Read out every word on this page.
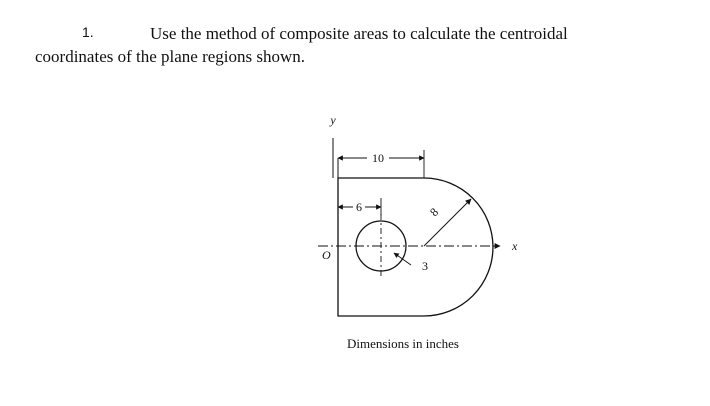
1.	Use the method of composite areas to calculate the centroidal
coordinates of the plane regions shown.
y
x
O
10
6	8
3
Dimensions in inches
